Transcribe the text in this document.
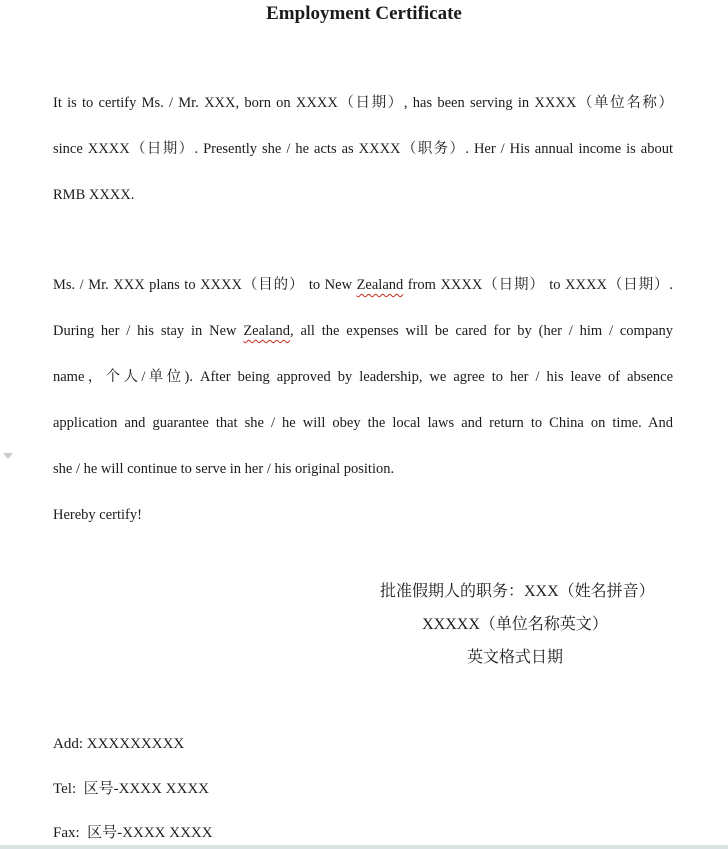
Employment Certificate
It is to certify Ms. / Mr. XXX, born on XXXX（日期）, has been serving in XXXX（单位名称）
since XXXX（日期）. Presently she / he acts as XXXX（职务）. Her / His annual income is about
RMB XXXX.
Ms. / Mr. XXX plans to XXXX（目的） to New Zealand from XXXX（日期） to XXXX（日期）.
During her / his stay in New Zealand, all the expenses will be cared for by (her / him / company
name，个人/单位). After being approved by leadership, we agree to her / his leave of absence
application and guarantee that she / he will obey the local laws and return to China on time. And
she / he will continue to serve in her / his original position.
Hereby certify!
批准假期人的职务：XXX（姓名拼音）
XXXXX（单位名称英文）
英文格式日期
Add: XXXXXXXXX
Tel:  区号-XXXX XXXX
Fax:  区号-XXXX XXXX
